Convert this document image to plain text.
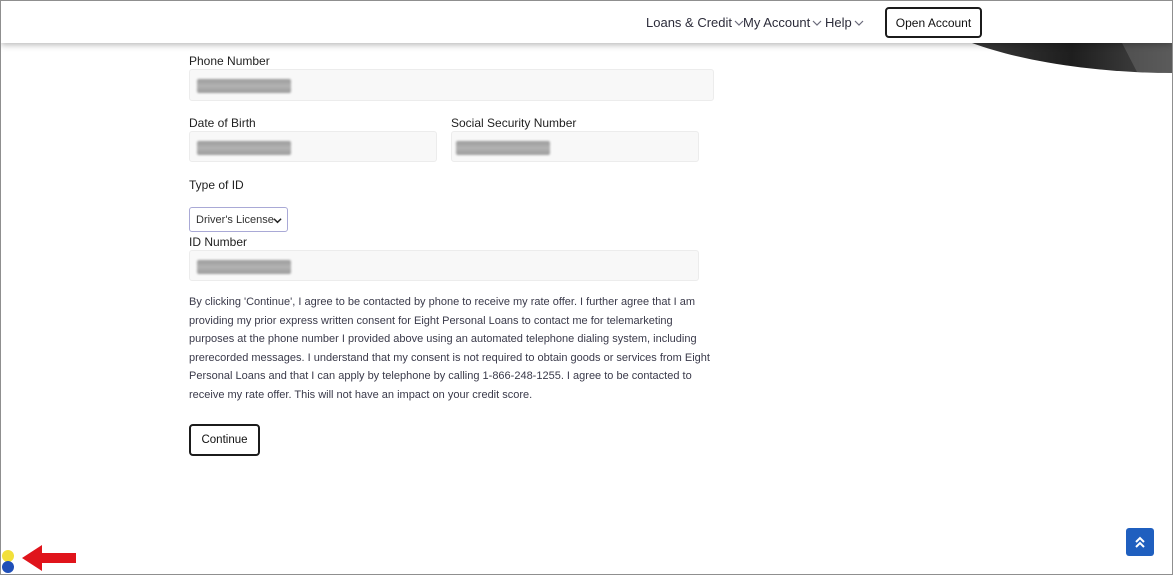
Loans & Credit My Account Help	Open Account
Phone Number
Date of Birth	Social Security Number
Type of ID
Driver's License
ID Number
By clicking 'Continue', I agree to be contacted by phone to receive my rate offer. I further agree that I am providing my prior express written consent for Eight Personal Loans to contact me for telemarketing purposes at the phone number I provided above using an automated telephone dialing system, including prerecorded messages. I understand that my consent is not required to obtain goods or services from Eight Personal Loans and that I can apply by telephone by calling 1-866-248-1255. I agree to be contacted to receive my rate offer. This will not have an impact on your credit score.
Continue
